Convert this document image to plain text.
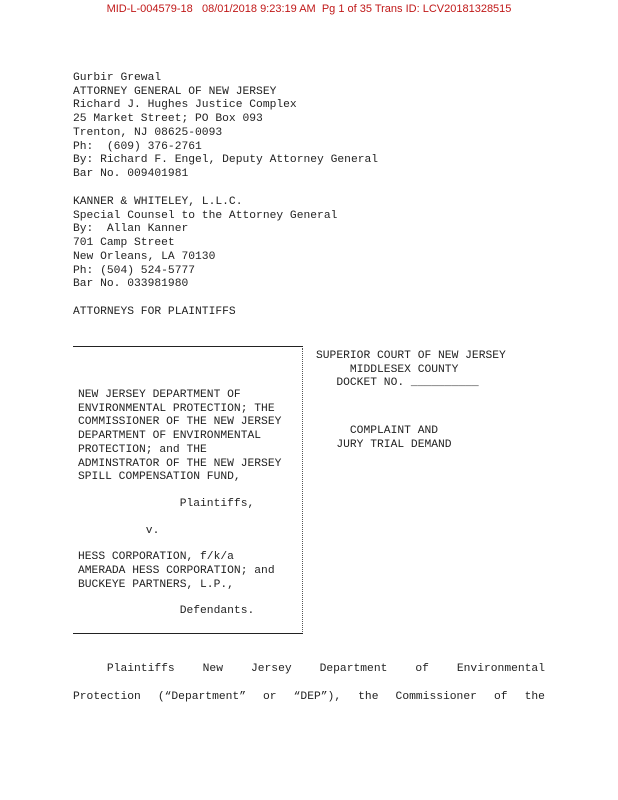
MID-L-004579-18   08/01/2018 9:23:19 AM  Pg 1 of 35 Trans ID: LCV20181328515
Gurbir Grewal
ATTORNEY GENERAL OF NEW JERSEY
Richard J. Hughes Justice Complex
25 Market Street; PO Box 093
Trenton, NJ 08625-0093
Ph:  (609) 376-2761
By: Richard F. Engel, Deputy Attorney General
Bar No. 009401981
KANNER & WHITELEY, L.L.C.
Special Counsel to the Attorney General
By:  Allan Kanner
701 Camp Street
New Orleans, LA 70130
Ph: (504) 524-5777
Bar No. 033981980
ATTORNEYS FOR PLAINTIFFS
SUPERIOR COURT OF NEW JERSEY
MIDDLESEX COUNTY
DOCKET NO. __________
COMPLAINT AND
JURY TRIAL DEMAND
NEW JERSEY DEPARTMENT OF
ENVIRONMENTAL PROTECTION; THE
COMMISSIONER OF THE NEW JERSEY
DEPARTMENT OF ENVIRONMENTAL
PROTECTION; and THE
ADMINSTRATOR OF THE NEW JERSEY
SPILL COMPENSATION FUND,
Plaintiffs,
v.
HESS CORPORATION, f/k/a
AMERADA HESS CORPORATION; and
BUCKEYE PARTNERS, L.P.,
Defendants.
Plaintiffs New Jersey Department of Environmental
Protection (“Department” or “DEP”), the Commissioner of the
